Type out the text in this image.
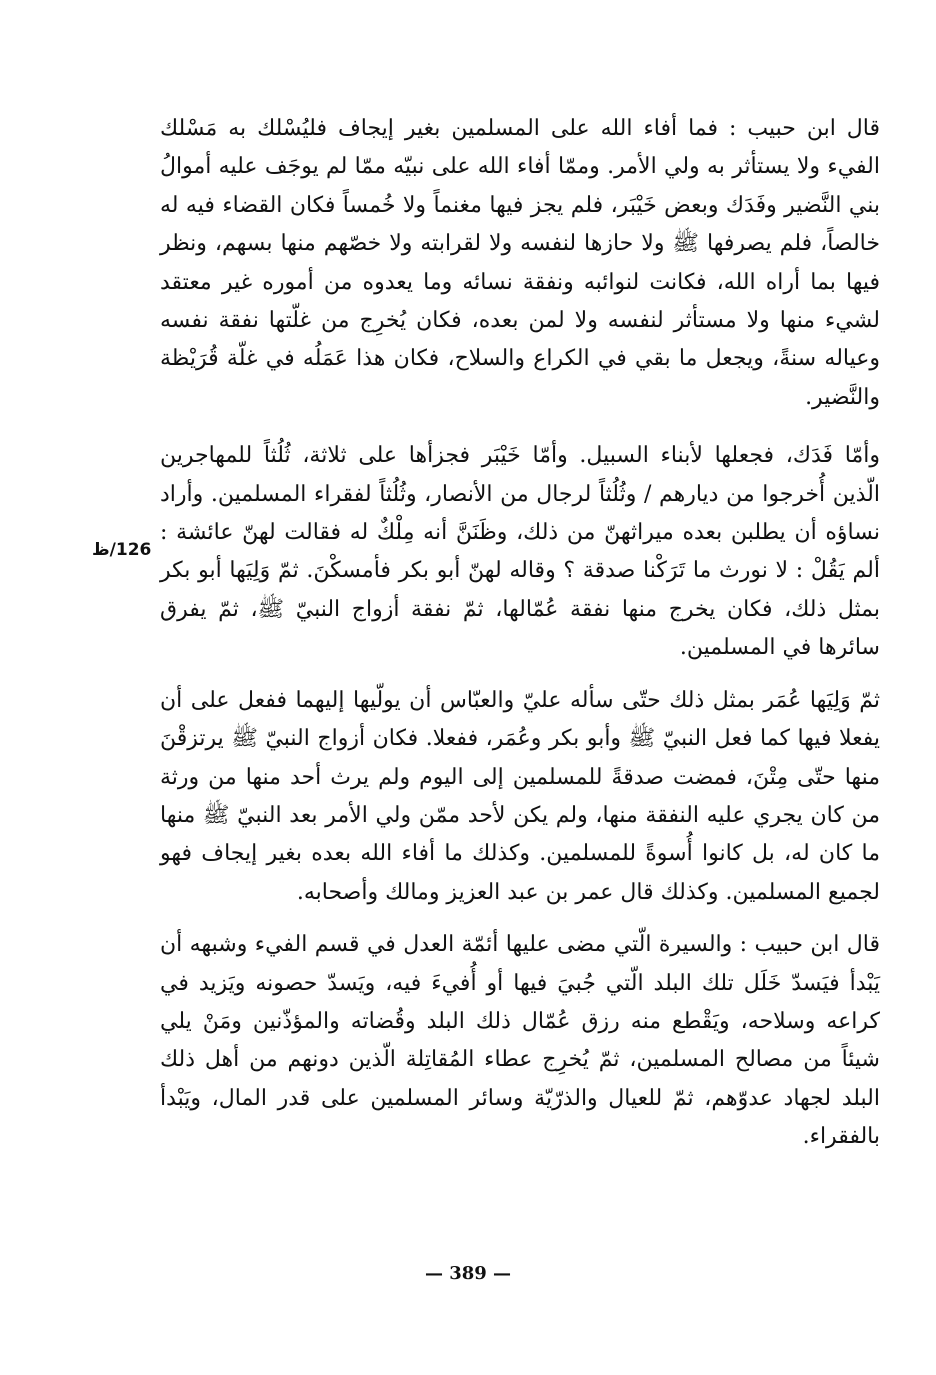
قال ابن حبيب : فما أفاء الله على المسلمين بغير إيجاف فليُسْلك به مَسْلك الفيء ولا يستأثر به ولي الأمر. وممّا أفاء الله على نبيّه ممّا لم يوجَف عليه أموالُ بني النَّضير وفَدَك وبعض خَيْبَر، فلم يجز فيها مغنماً ولا خُمساً فكان القضاء فيه له خالصاً، فلم يصرفها ﷺ ولا حازها لنفسه ولا لقرابته ولا خصّهم منها بسهم، ونظر فيها بما أراه الله، فكانت لنوائبه ونفقة نسائه وما يعدوه من أموره غير معتقد لشيء منها ولا مستأثر لنفسه ولا لمن بعده، فكان يُخرِج من غلّتها نفقة نفسه وعياله سنةً، ويجعل ما بقي في الكراع والسلاح، فكان هذا عَمَلُه في غلّة قُرَيْظة والنَّضير.

وأمّا فَدَك، فجعلها لأبناء السبيل. وأمّا خَيْبَر فجزأها على ثلاثة، ثُلُثاً للمهاجرين الّذين أُخرجوا من ديارهم / وثُلُثاً لرجال من الأنصار، وثُلُثاً لفقراء المسلمين. وأراد نساؤه أن يطلبن بعده ميراثهنّ من ذلك، وظَنَنَّ أنه مِلْكٌ له فقالت لهنّ عائشة : ألم يَقُلْ : لا نورث ما تَرَكْنا صدقة ؟ وقاله لهنّ أبو بكر فأمسكْنَ. ثمّ وَلِيَها أبو بكر بمثل ذلك، فكان يخرج منها نفقة عُمّالها، ثمّ نفقة أزواج النبيّ ﷺ، ثمّ يفرق سائرها في المسلمين.

ثمّ وَلِيَها عُمَر بمثل ذلك حتّى سأله عليّ والعبّاس أن يولّيها إليهما ففعل على أن يفعلا فيها كما فعل النبيّ ﷺ وأبو بكر وعُمَر، ففعلا. فكان أزواج النبيّ ﷺ يرتزقْنَ منها حتّى مِتْنَ، فمضت صدقةً للمسلمين إلى اليوم ولم يرث أحد منها من ورثة من كان يجري عليه النفقة منها، ولم يكن لأحد ممّن ولي الأمر بعد النبيّ ﷺ منها ما كان له، بل كانوا أُسوةً للمسلمين. وكذلك ما أفاء الله بعده بغير إيجاف فهو لجميع المسلمين. وكذلك قال عمر بن عبد العزيز ومالك وأصحابه.

قال ابن حبيب : والسيرة الّتي مضى عليها أئمّة العدل في قسم الفيء وشبهه أن يَبْدأ فيَسدّ خَلَل تلك البلد الّتي جُبيَ فيها أو أُفيءَ فيه، ويَسدّ حصونه ويَزيد في كراعه وسلاحه، ويَقْطع منه رزق عُمّال ذلك البلد وقُضاته والمؤذّنين ومَنْ يلي شيئاً من مصالح المسلمين، ثمّ يُخرِج عطاء المُقاتِلة الّذين دونهم من أهل ذلك البلد لجهاد عدوّهم، ثمّ للعيال والذرّيّة وسائر المسلمين على قدر المال، ويَبْدأ بالفقراء.

126/ظ
— 389 —
